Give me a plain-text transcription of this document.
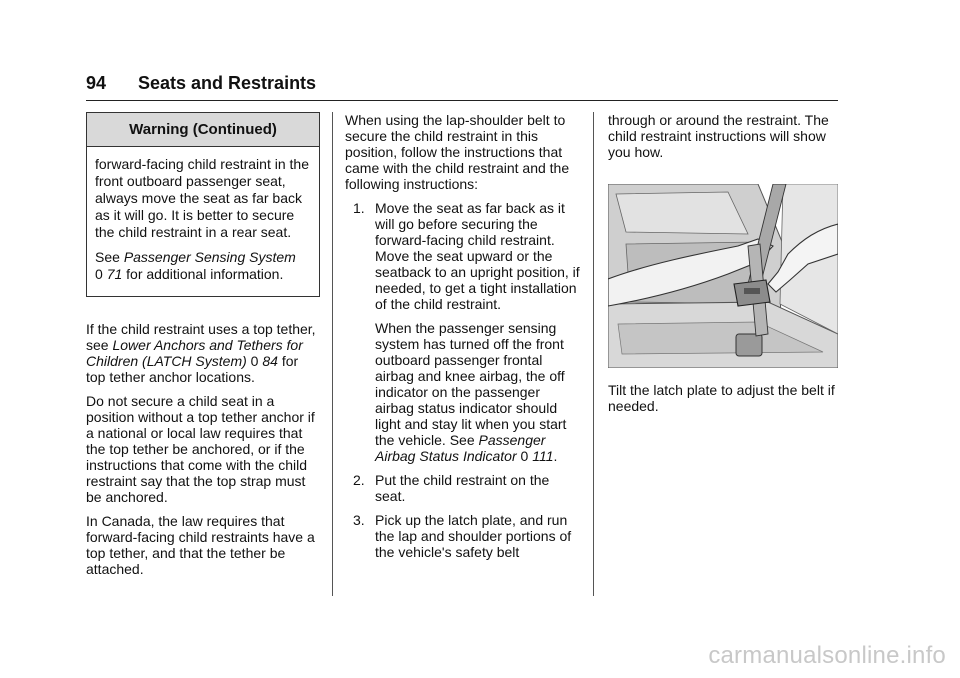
94 Seats and Restraints
Warning (Continued)

forward-facing child restraint in the front outboard passenger seat, always move the seat as far back as it will go. It is better to secure the child restraint in a rear seat.

See Passenger Sensing System
0 71 for additional information.

If the child restraint uses a top tether, see Lower Anchors and Tethers for Children (LATCH System) 0 84 for top tether anchor locations.

Do not secure a child seat in a position without a top tether anchor if a national or local law requires that the top tether be anchored, or if the instructions that come with the child restraint say that the top strap must be anchored.

In Canada, the law requires that forward-facing child restraints have a top tether, and that the tether be attached.

When using the lap-shoulder belt to secure the child restraint in this position, follow the instructions that came with the child restraint and the following instructions:

1. Move the seat as far back as it will go before securing the forward-facing child restraint. Move the seat upward or the seatback to an upright position, if needed, to get a tight installation of the child restraint.

When the passenger sensing system has turned off the front outboard passenger frontal airbag and knee airbag, the off indicator on the passenger airbag status indicator should light and stay lit when you start the vehicle. See Passenger Airbag Status Indicator 0 111.

2. Put the child restraint on the seat.

3. Pick up the latch plate, and run the lap and shoulder portions of the vehicle's safety belt

through or around the restraint. The child restraint instructions will show you how.

Tilt the latch plate to adjust the belt if needed.

carmanualsonline.info
